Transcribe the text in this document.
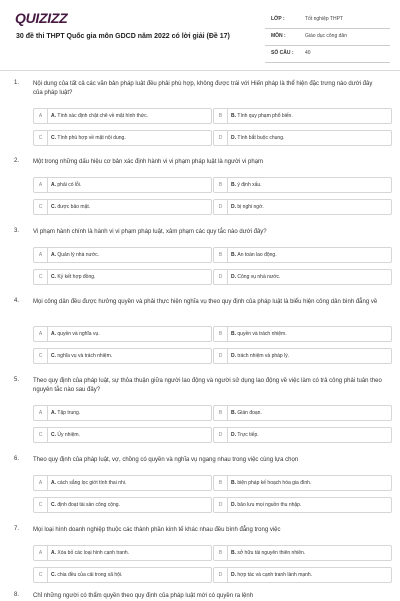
QUIZIZZ
30 đề thi THPT Quốc gia môn GDCD năm 2022 có lời giải (Đề 17)
LỚP :	Tốt nghiệp THPT
MÔN :	Giáo dục công dân
SỐ CÂU : 40
1. Nội dung của tất cả các văn bản pháp luật đều phải phù hợp, không được trái với Hiến pháp là thể hiện đặc trưng nào dưới đây của pháp luật?
A	A. Tính xác định chặt chẽ về mặt hình thức.	B	B. Tính quy phạm phổ biến.
C	C. Tính phù hợp về mặt nội dung.	D	D. Tính bắt buộc chung.
2. Một trong những dấu hiệu cơ bản xác định hành vi vi phạm pháp luật là người vi phạm
A	A. phải có lỗi.	B	B. ý định xấu.
C	C. được bảo mật.	D	D. bị nghi ngờ.
3. Vi phạm hành chính là hành vi vi phạm pháp luật, xâm phạm các quy tắc nào dưới đây?
A	A. Quản lý nhà nước.	B	B. An toàn lao động.
C	C. Kỷ kết hợp đồng.	D	D. Công vụ nhà nước.
4. Mọi công dân đều được hưởng quyền và phải thực hiện nghĩa vụ theo quy định của pháp luật là biểu hiện công dân bình đẳng về
A	A. quyền và nghĩa vụ.	B	B. quyền và trách nhiệm.
C	C. nghĩa vụ và trách nhiệm.	D	D. trách nhiệm và pháp lý.
5. Theo quy định của pháp luật, sự thỏa thuận giữa người lao động và người sử dụng lao động về việc làm có trả công phải tuân theo nguyên tắc nào sau đây?
A	A. Tập trung.	B	B. Gián đoạn.
C	C. Ủy nhiệm.	D	D. Trực tiếp.
6. Theo quy định của pháp luật, vợ, chồng có quyền và nghĩa vụ ngang nhau trong việc cùng lựa chọn
A	A. cách sắng lọc giới tính thai nhi.	B	B. biện pháp kế hoạch hóa gia đình.
C	C. định đoạt tài sản công cộng.	D	D. bảo lưu mọi nguồn thu nhập.
7. Mọi loại hình doanh nghiệp thuộc các thành phần kinh tế khác nhau đều bình đẳng trong việc
A	A. Xóa bỏ các loại hình cạnh tranh.	B	B. sở hữu tài nguyên thiên nhiên.
C	C. chia đều của cải trong xã hội.	D	D. hợp tác và cạnh tranh lành mạnh.
8. Chỉ những người có thẩm quyền theo quy định của pháp luật mới có quyền ra lệnh
